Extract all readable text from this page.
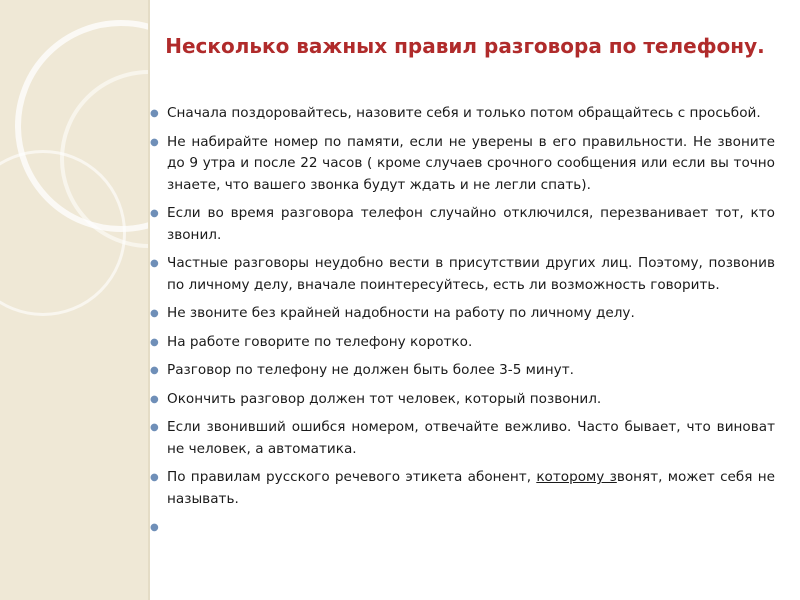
Несколько важных правил разговора по телефону.
● Сначала поздоровайтесь, назовите себя и только потом обращайтесь с просьбой.
● Не набирайте номер по памяти, если не уверены в его правильности. Не звоните до 9 утра и после 22 часов ( кроме случаев срочного сообщения или если вы точно знаете, что вашего звонка будут ждать и не легли спать).
● Если во время разговора телефон случайно отключился, перезванивает тот, кто звонил.
● Частные разговоры неудобно вести в присутствии других лиц. Поэтому, позвонив по личному делу, вначале поинтересуйтесь, есть ли возможность говорить.
● Не звоните без крайней надобности на работу по личному делу.
● На работе говорите по телефону коротко.
● Разговор по телефону не должен быть более 3-5 минут.
● Окончить разговор должен тот человек, который позвонил.
● Если звонивший ошибся номером, отвечайте вежливо. Часто бывает, что виноват не человек, а автоматика.
● По правилам русского речевого этикета абонент, которому звонят, может себя не называть.
●
